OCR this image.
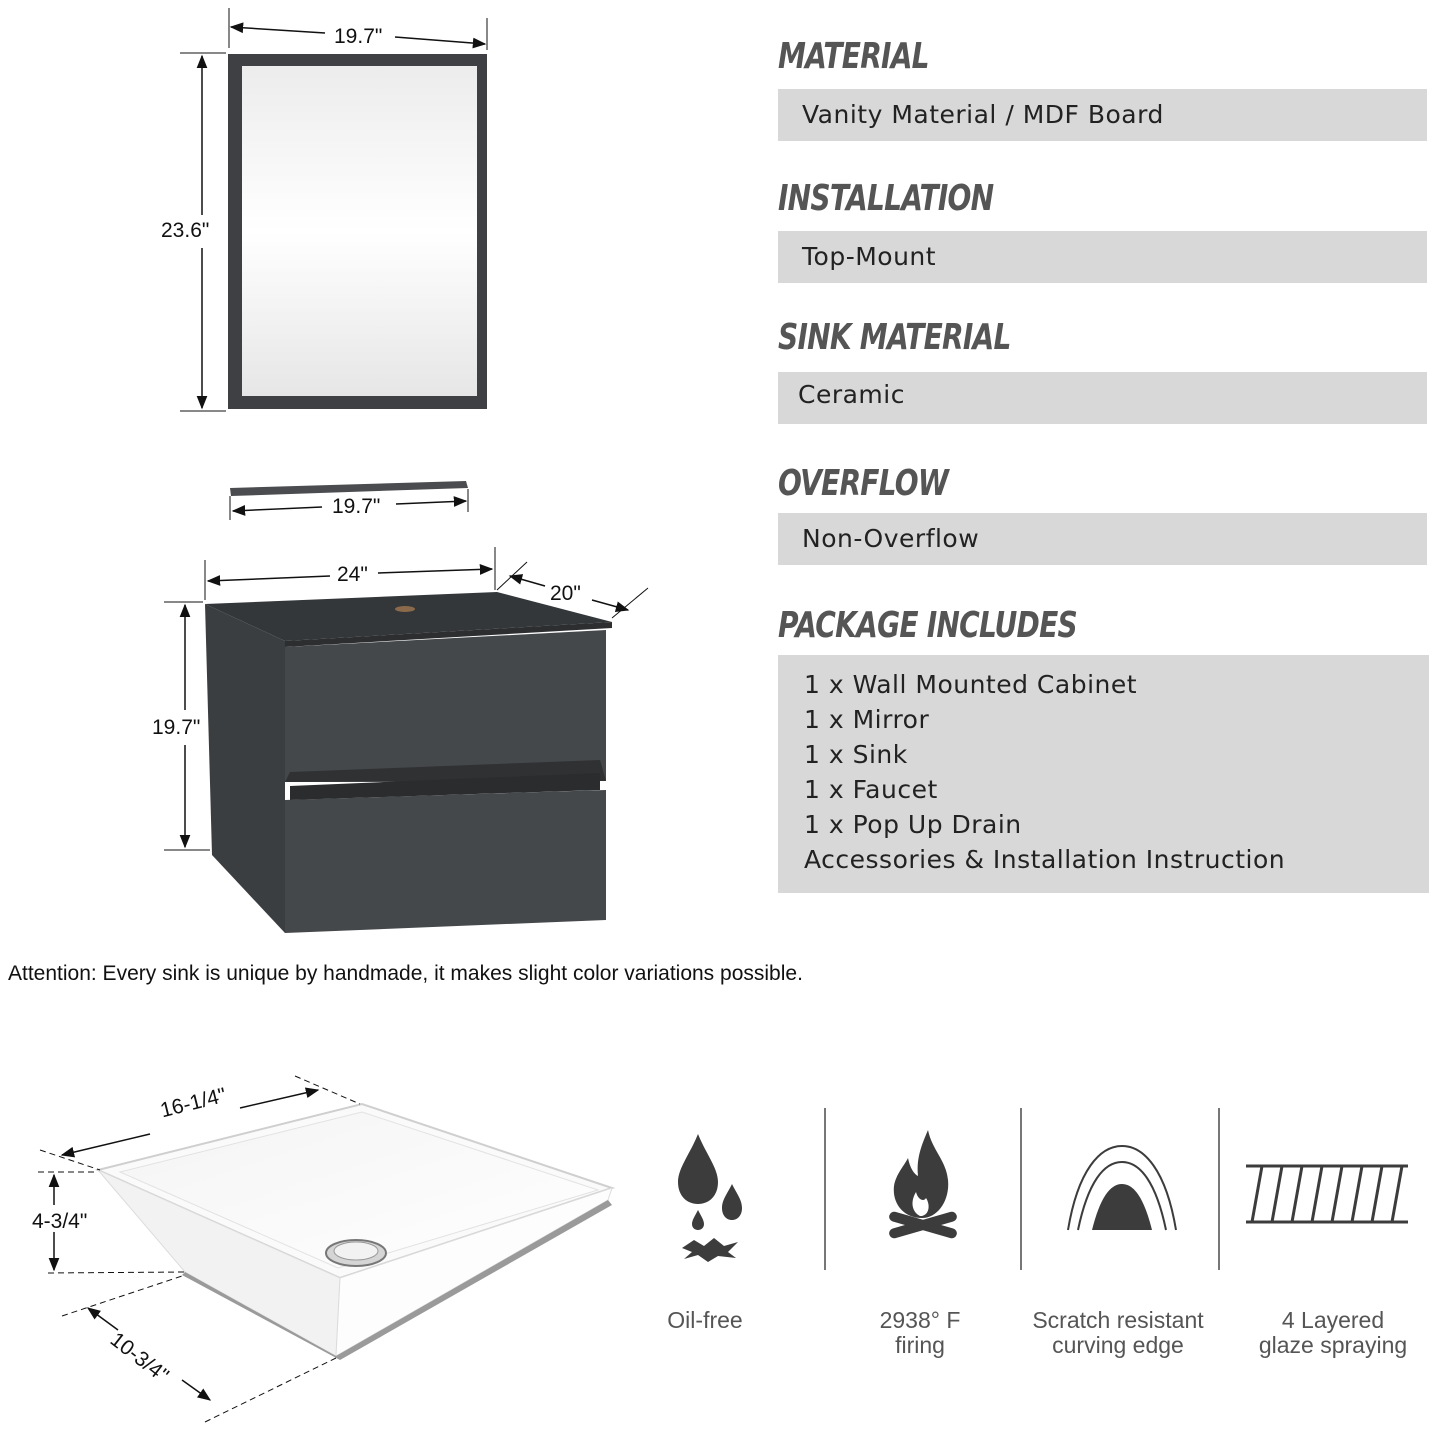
19.7"
23.6"
19.7"
24"
20"
19.7"
MATERIAL
Vanity Material / MDF Board
INSTALLATION
Top-Mount
SINK MATERIAL
Ceramic
OVERFLOW
Non-Overflow
PACKAGE INCLUDES
1 x Wall Mounted Cabinet
1 x Mirror
1 x Sink
1 x Faucet
1 x Pop Up Drain
Accessories & Installation Instruction
Attention: Every sink is unique by handmade, it makes slight color variations possible.
16-1/4"
4-3/4"
10-3/4"
Oil-free	2938° F
firing
Scratch resistant
curving edge
4 Layered
glaze spraying
